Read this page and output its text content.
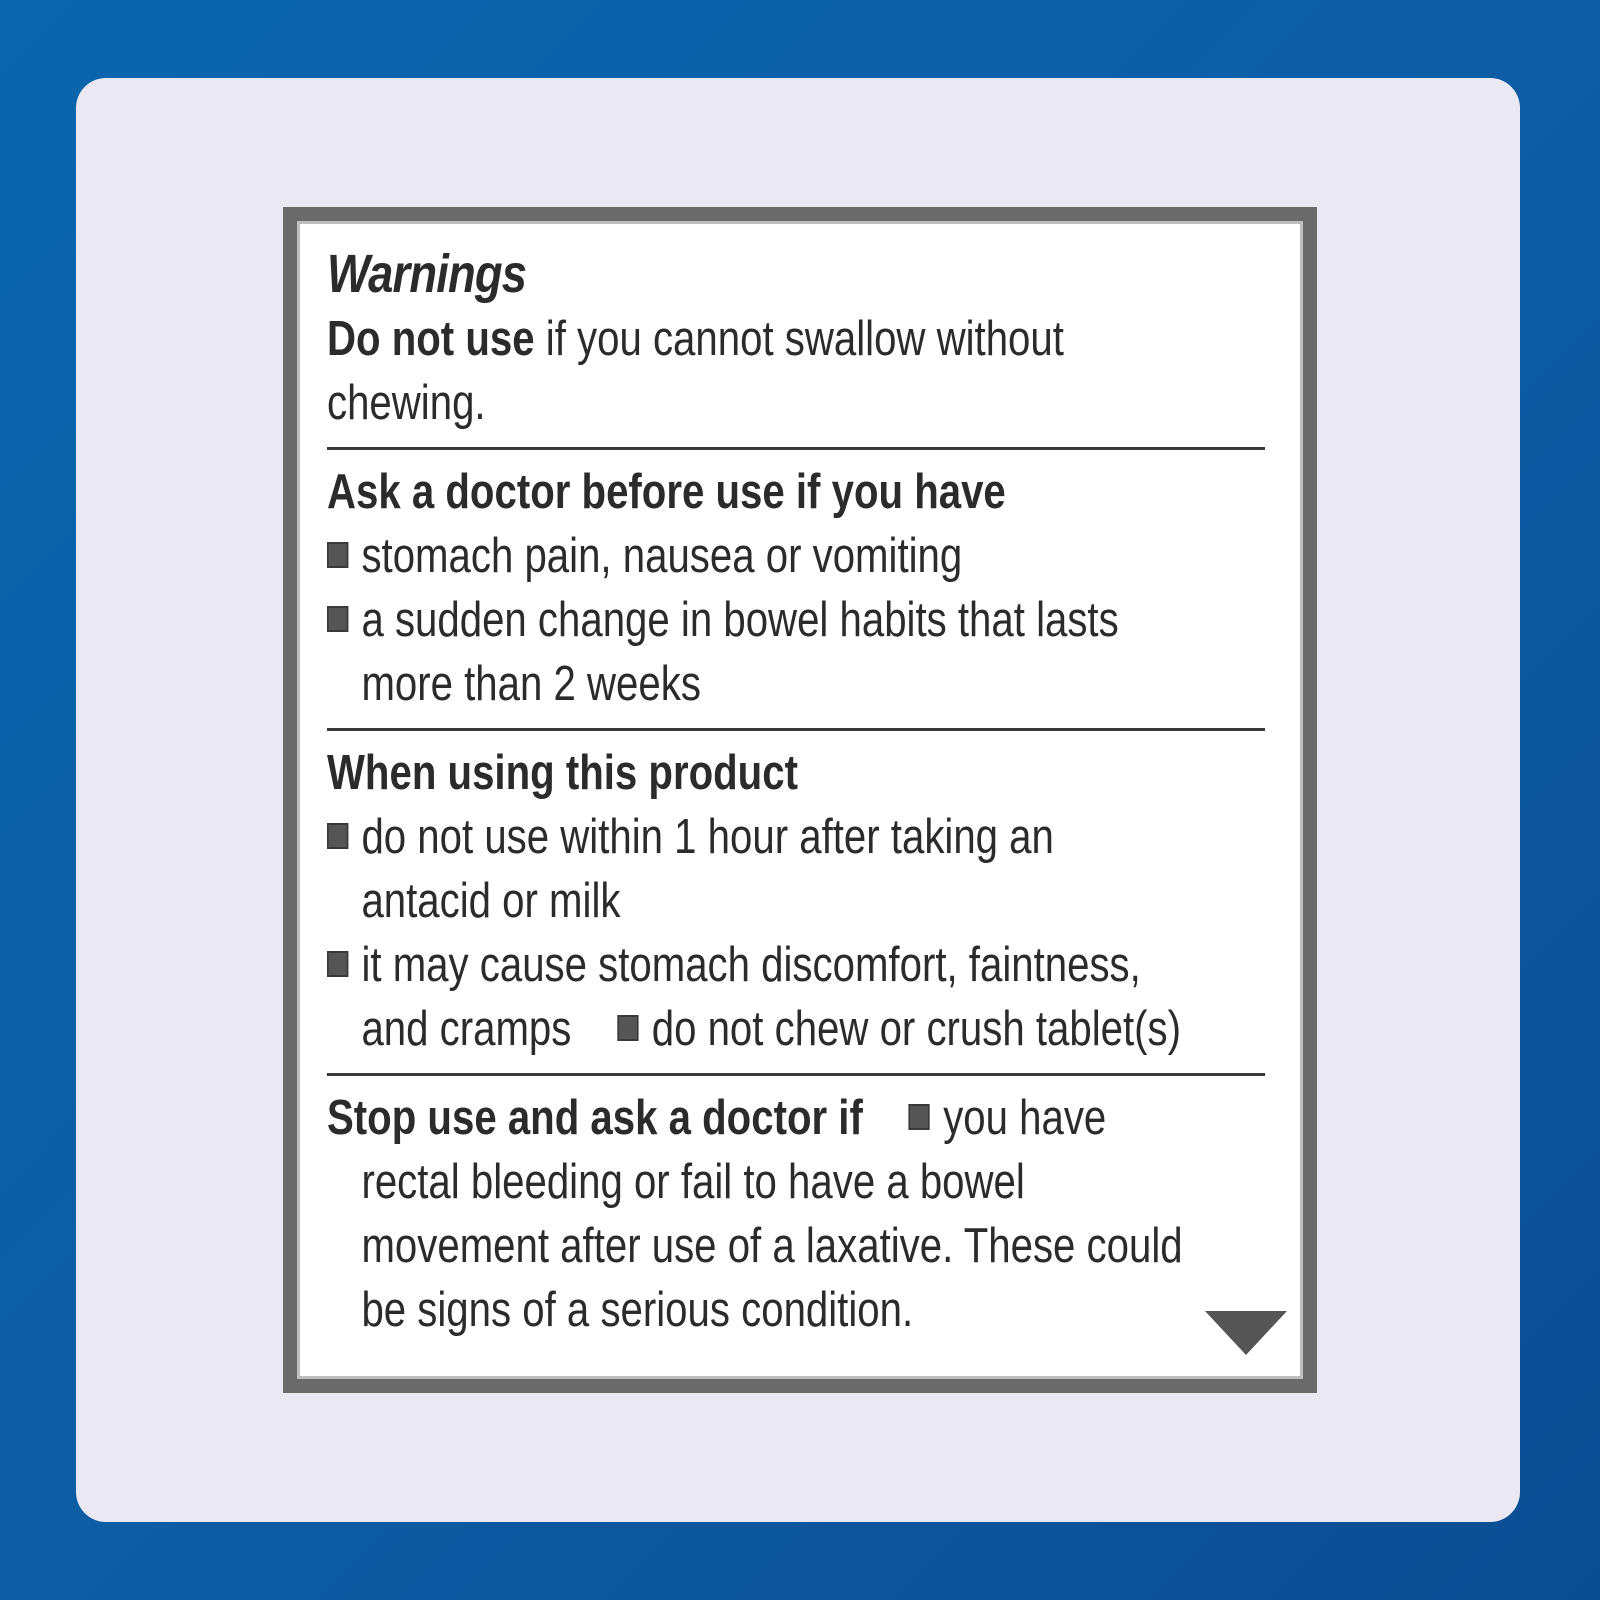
Warnings
Do not use if you cannot swallow without
chewing.
Ask a doctor before use if you have
stomach pain, nausea or vomiting
a sudden change in bowel habits that lasts
more than 2 weeks
When using this product
do not use within 1 hour after taking an
antacid or milk
it may cause stomach discomfort, faintness,
and cramps do not chew or crush tablet(s)
Stop use and ask a doctor if you have
rectal bleeding or fail to have a bowel
movement after use of a laxative. These could
be signs of a serious condition.
